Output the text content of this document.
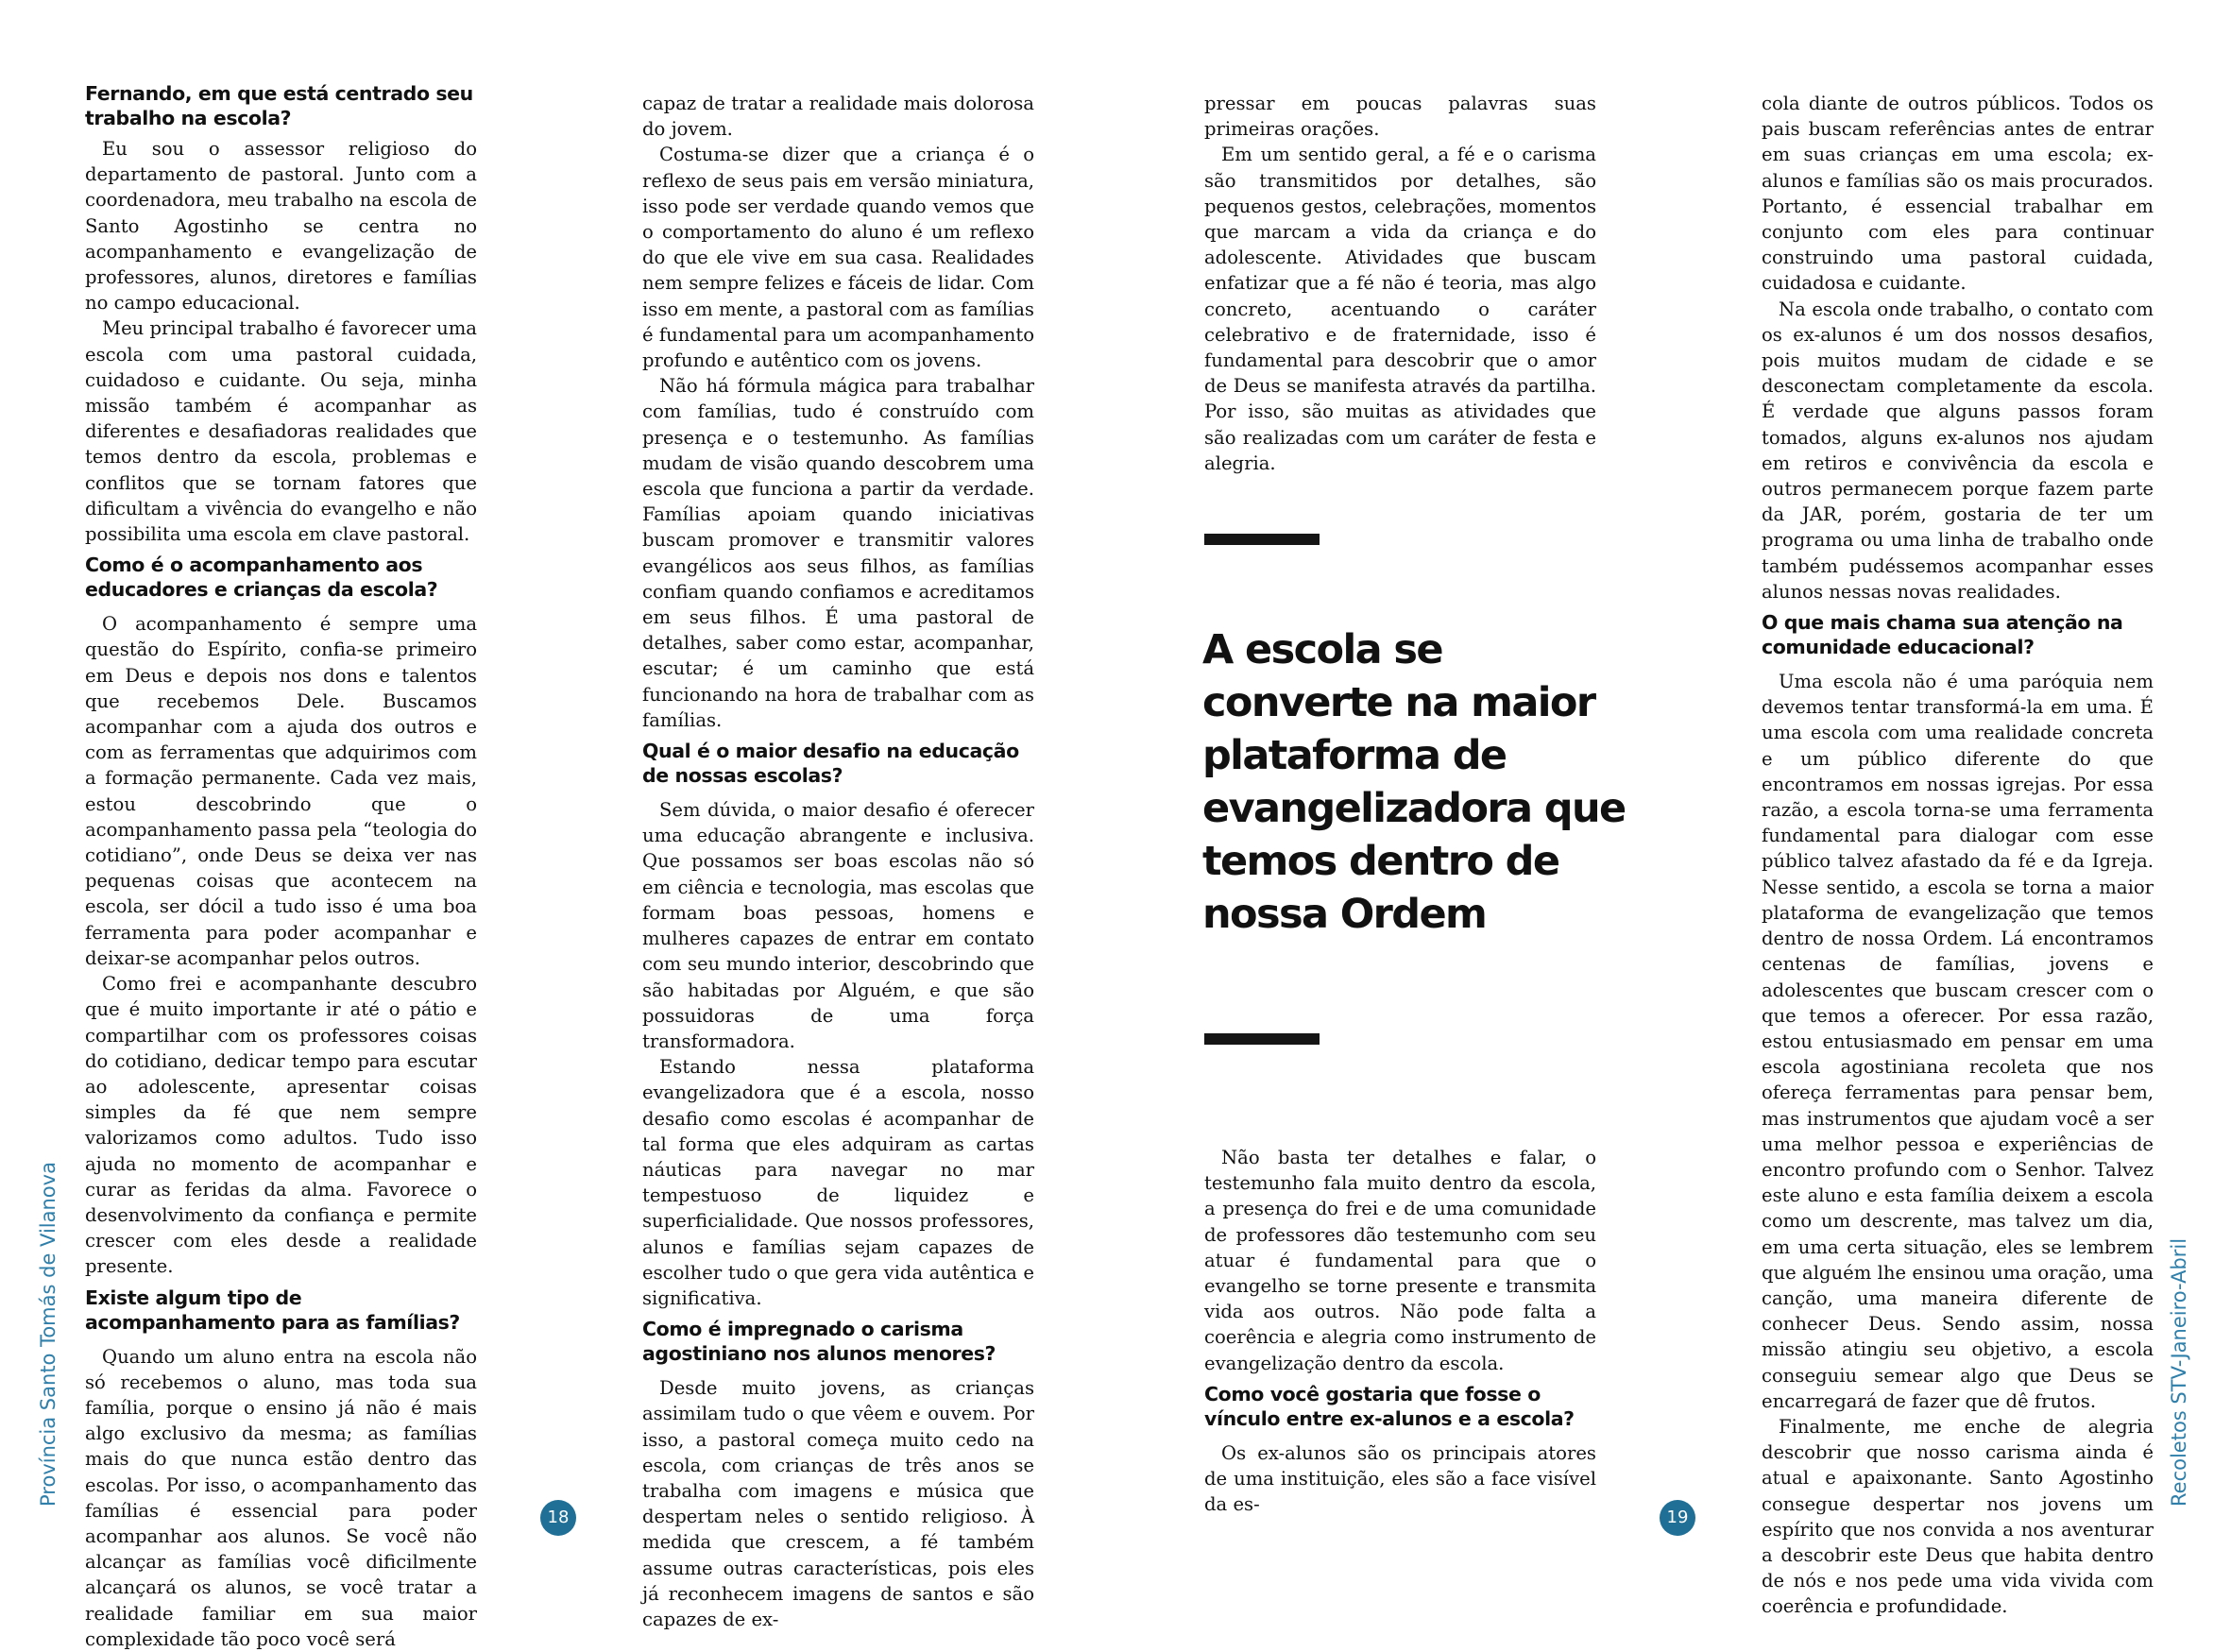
Fernando, em que está centrado seu trabalho na escola?

Eu sou o assessor religioso do departamento de pastoral. Junto com a coordenadora, meu trabalho na escola de Santo Agostinho se centra no acompanhamento e evangelização de professores, alunos, diretores e famílias no campo educacional.

Meu principal trabalho é favorecer uma escola com uma pastoral cuidada, cuidadoso e cuidante. Ou seja, minha missão também é acompanhar as diferentes e desafiadoras realidades que temos dentro da escola, problemas e conflitos que se tornam fatores que dificultam a vivência do evangelho e não possibilita uma escola em clave pastoral.

Como é o acompanhamento aos educadores e crianças da escola?

O acompanhamento é sempre uma questão do Espírito, confia-se primeiro em Deus e depois nos dons e talentos que recebemos Dele. Buscamos acompanhar com a ajuda dos outros e com as ferramentas que adquirimos com a formação permanente. Cada vez mais, estou descobrindo que o acompanhamento passa pela “teologia do cotidiano”, onde Deus se deixa ver nas pequenas coisas que acontecem na escola, ser dócil a tudo isso é uma boa ferramenta para poder acompanhar e deixar-se acompanhar pelos outros.

Como frei e acompanhante descubro que é muito importante ir até o pátio e compartilhar com os professores coisas do cotidiano, dedicar tempo para escutar ao adolescente, apresentar coisas simples da fé que nem sempre valorizamos como adultos. Tudo isso ajuda no momento de acompanhar e curar as feridas da alma. Favorece o desenvolvimento da confiança e permite crescer com eles desde a realidade presente.

Existe algum tipo de acompanhamento para as famílias?

Quando um aluno entra na escola não só recebemos o aluno, mas toda sua família, porque o ensino já não é mais algo exclusivo da mesma; as famílias mais do que nunca estão dentro das escolas. Por isso, o acompanhamento das famílias é essencial para poder acompanhar aos alunos. Se você não alcançar as famílias você dificilmente alcançará os alunos, se você tratar a realidade familiar em sua maior complexidade tão poco você será

capaz de tratar a realidade mais dolorosa do jovem.

Costuma-se dizer que a criança é o reflexo de seus pais em versão miniatura, isso pode ser verdade quando vemos que o comportamento do aluno é um reflexo do que ele vive em sua casa. Realidades nem sempre felizes e fáceis de lidar. Com isso em mente, a pastoral com as famílias é fundamental para um acompanhamento profundo e autêntico com os jovens.

Não há fórmula mágica para trabalhar com famílias, tudo é construído com presença e o testemunho. As famílias mudam de visão quando descobrem uma escola que funciona a partir da verdade. Famílias apoiam quando iniciativas buscam promover e transmitir valores evangélicos aos seus filhos, as famílias confiam quando confiamos e acreditamos em seus filhos. É uma pastoral de detalhes, saber como estar, acompanhar, escutar; é um caminho que está funcionando na hora de trabalhar com as famílias.

Qual é o maior desafio na educação de nossas escolas?

Sem dúvida, o maior desafio é oferecer uma educação abrangente e inclusiva. Que possamos ser boas escolas não só em ciência e tecnologia, mas escolas que formam boas pessoas, homens e mulheres capazes de entrar em contato com seu mundo interior, descobrindo que são habitadas por Alguém, e que são possuidoras de uma força transformadora.

Estando nessa plataforma evangelizadora que é a escola, nosso desafio como escolas é acompanhar de tal forma que eles adquiram as cartas náuticas para navegar no mar tempestuoso de liquidez e superficialidade. Que nossos professores, alunos e famílias sejam capazes de escolher tudo o que gera vida autêntica e significativa.

Como é impregnado o carisma agostiniano nos alunos menores?

Desde muito jovens, as crianças assimilam tudo o que vêem e ouvem. Por isso, a pastoral começa muito cedo na escola, com crianças de três anos se trabalha com imagens e música que despertam neles o sentido religioso. À medida que crescem, a fé também assume outras características, pois eles já reconhecem imagens de santos e são capazes de ex-

pressar em poucas palavras suas primeiras orações.

Em um sentido geral, a fé e o carisma são transmitidos por detalhes, são pequenos gestos, celebrações, momentos que marcam a vida da criança e do adolescente. Atividades que buscam enfatizar que a fé não é teoria, mas algo concreto, acentuando o caráter celebrativo e de fraternidade, isso é fundamental para descobrir que o amor de Deus se manifesta através da partilha. Por isso, são muitas as atividades que são realizadas com um caráter de festa e alegria.

A escola se converte na maior plataforma de evangelizadora que temos dentro de nossa Ordem

Não basta ter detalhes e falar, o testemunho fala muito dentro da escola, a presença do frei e de uma comunidade de professores dão testemunho com seu atuar é fundamental para que o evangelho se torne presente e transmita vida aos outros. Não pode falta a coerência e alegria como instrumento de evangelização dentro da escola.

Como você gostaria que fosse o vínculo entre ex-alunos e a escola?

Os ex-alunos são os principais atores de uma instituição, eles são a face visível da es-

cola diante de outros públicos. Todos os pais buscam referências antes de entrar em suas crianças em uma escola; ex-alunos e famílias são os mais procurados. Portanto, é essencial trabalhar em conjunto com eles para continuar construindo uma pastoral cuidada, cuidadosa e cuidante.

Na escola onde trabalho, o contato com os ex-alunos é um dos nossos desafios, pois muitos mudam de cidade e se desconectam completamente da escola. É verdade que alguns passos foram tomados, alguns ex-alunos nos ajudam em retiros e convivência da escola e outros permanecem porque fazem parte da JAR, porém, gostaria de ter um programa ou uma linha de trabalho onde também pudéssemos acompanhar esses alunos nessas novas realidades.

O que mais chama sua atenção na comunidade educacional?

Uma escola não é uma paróquia nem devemos tentar transformá-la em uma. É uma escola com uma realidade concreta e um público diferente do que encontramos em nossas igrejas. Por essa razão, a escola torna-se uma ferramenta fundamental para dialogar com esse público talvez afastado da fé e da Igreja. Nesse sentido, a escola se torna a maior plataforma de evangelização que temos dentro de nossa Ordem. Lá encontramos centenas de famílias, jovens e adolescentes que buscam crescer com o que temos a oferecer. Por essa razão, estou entusiasmado em pensar em uma escola agostiniana recoleta que nos ofereça ferramentas para pensar bem, mas instrumentos que ajudam você a ser uma melhor pessoa e experiências de encontro profundo com o Senhor. Talvez este aluno e esta família deixem a escola como um descrente, mas talvez um dia, em uma certa situação, eles se lembrem que alguém lhe ensinou uma oração, uma canção, uma maneira diferente de conhecer Deus. Sendo assim, nossa missão atingiu seu objetivo, a escola conseguiu semear algo que Deus se encarregará de fazer que dê frutos.

Finalmente, me enche de alegria descobrir que nosso carisma ainda é atual e apaixonante. Santo Agostinho consegue despertar nos jovens um espírito que nos convida a nos aventurar a descobrir este Deus que habita dentro de nós e nos pede uma vida vivida com coerência e profundidade.

Província Santo Tomás de Vilanova	Recoletos STV-Janeiro-Abril
18	19
